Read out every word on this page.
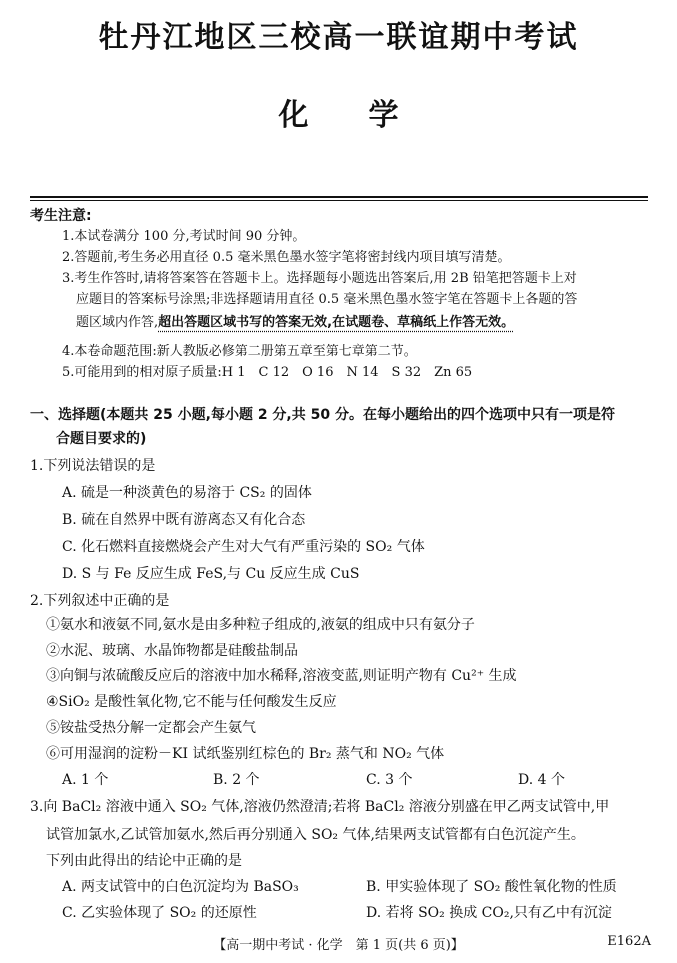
牡丹江地区三校高一联谊期中考试
化学
考生注意:
1.本试卷满分 100 分,考试时间 90 分钟。
2.答题前,考生务必用直径 0.5 毫米黑色墨水签字笔将密封线内项目填写清楚。
3.考生作答时,请将答案答在答题卡上。选择题每小题选出答案后,用 2B 铅笔把答题卡上对
应题目的答案标号涂黑;非选择题请用直径 0.5 毫米黑色墨水签字笔在答题卡上各题的答
题区域内作答,超出答题区域书写的答案无效,在试题卷、草稿纸上作答无效。
4.本卷命题范围:新人教版必修第二册第五章至第七章第二节。
5.可能用到的相对原子质量:H 1　C 12　O 16　N 14　S 32　Zn 65
一、选择题(本题共 25 小题,每小题 2 分,共 50 分。在每小题给出的四个选项中只有一项是符
合题目要求的)
1.下列说法错误的是
A. 硫是一种淡黄色的易溶于 CS₂ 的固体
B. 硫在自然界中既有游离态又有化合态
C. 化石燃料直接燃烧会产生对大气有严重污染的 SO₂ 气体
D. S 与 Fe 反应生成 FeS,与 Cu 反应生成 CuS
2.下列叙述中正确的是
①氨水和液氨不同,氨水是由多种粒子组成的,液氨的组成中只有氨分子
②水泥、玻璃、水晶饰物都是硅酸盐制品
③向铜与浓硫酸反应后的溶液中加水稀释,溶液变蓝,则证明产物有 Cu²⁺ 生成
④SiO₂ 是酸性氧化物,它不能与任何酸发生反应
⑤铵盐受热分解一定都会产生氨气
⑥可用湿润的淀粉－KI 试纸鉴别红棕色的 Br₂ 蒸气和 NO₂ 气体
A. 1 个	B. 2 个	C. 3 个	D. 4 个
3.向 BaCl₂ 溶液中通入 SO₂ 气体,溶液仍然澄清;若将 BaCl₂ 溶液分别盛在甲乙两支试管中,甲
试管加氯水,乙试管加氨水,然后再分别通入 SO₂ 气体,结果两支试管都有白色沉淀产生。
下列由此得出的结论中正确的是
A. 两支试管中的白色沉淀均为 BaSO₃	B. 甲实验体现了 SO₂ 酸性氧化物的性质
C. 乙实验体现了 SO₂ 的还原性	D. 若将 SO₂ 换成 CO₂,只有乙中有沉淀
【高一期中考试 · 化学　第 1 页(共 6 页)】	E162A
